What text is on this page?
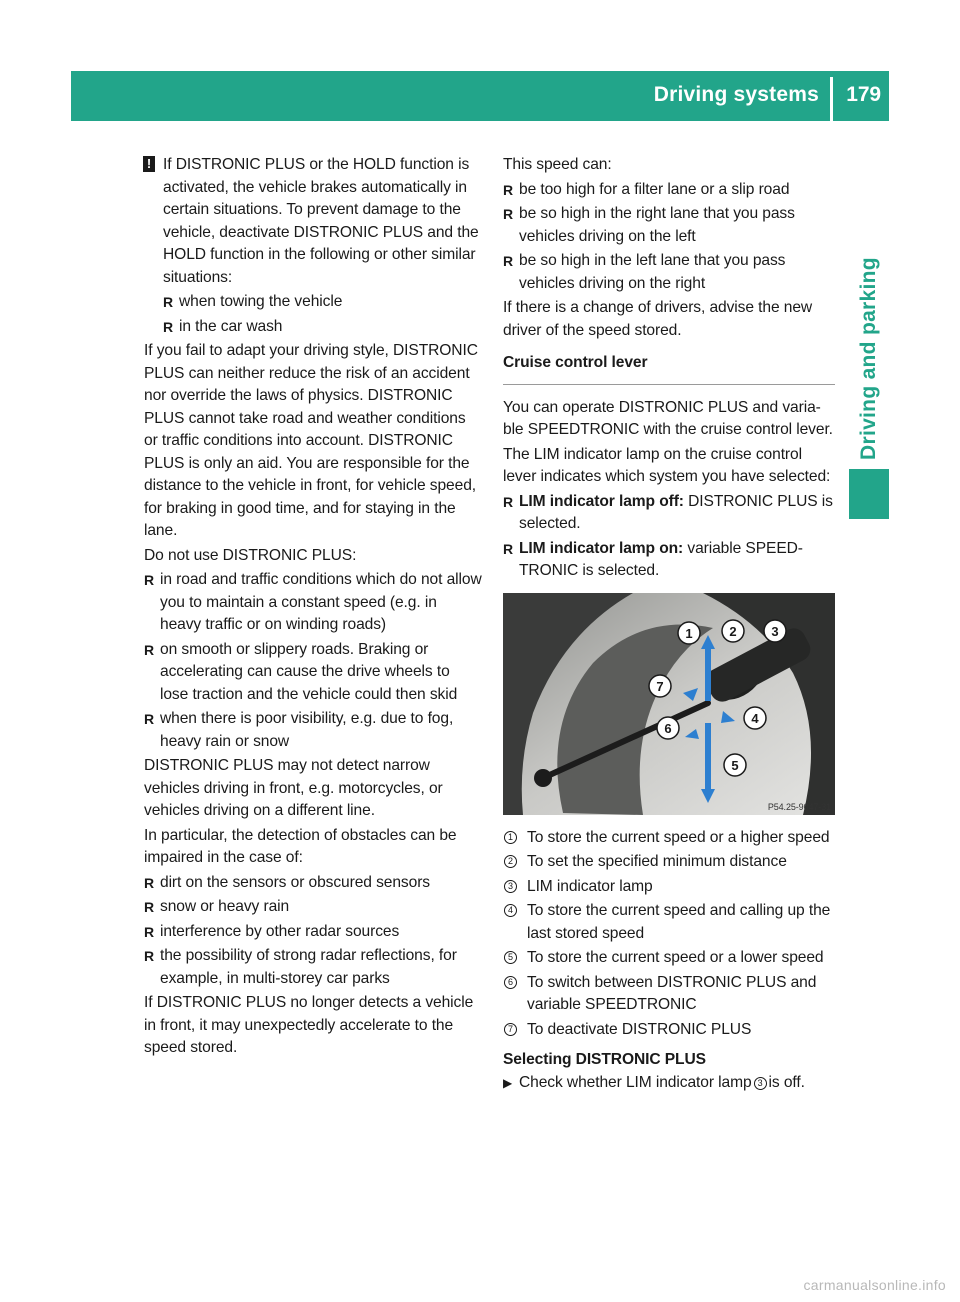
Driving systems 179
Driving and parking
! If DISTRONIC PLUS or the HOLD function is activated, the vehicle brakes automatically in certain situations. To prevent damage to the vehicle, deactivate DISTRONIC PLUS and the HOLD function in the following or other similar situations:

R when towing the vehicle
R in the car wash

If you fail to adapt your driving style, DISTRONIC PLUS can neither reduce the risk of an accident nor override the laws of physics. DISTRONIC PLUS cannot take road and weather conditions or traffic conditions into account. DISTRONIC PLUS is only an aid. You are responsible for the distance to the vehicle in front, for vehicle speed, for braking in good time, and for staying in the lane.

Do not use DISTRONIC PLUS:

R in road and traffic conditions which do not allow you to maintain a constant speed (e.g. in heavy traffic or on winding roads)
R on smooth or slippery roads. Braking or accelerating can cause the drive wheels to lose traction and the vehicle could then skid
R when there is poor visibility, e.g. due to fog, heavy rain or snow

DISTRONIC PLUS may not detect narrow vehicles driving in front, e.g. motorcycles, or vehicles driving on a different line.

In particular, the detection of obstacles can be impaired in the case of:

R dirt on the sensors or obscured sensors
R snow or heavy rain
R interference by other radar sources
R the possibility of strong radar reflections, for example, in multi-storey car parks

If DISTRONIC PLUS no longer detects a vehicle in front, it may unexpectedly accelerate to the speed stored.

This speed can:

R be too high for a filter lane or a slip road
R be so high in the right lane that you pass vehicles driving on the left
R be so high in the left lane that you pass vehicles driving on the right

If there is a change of drivers, advise the new driver of the speed stored.

Cruise control lever

You can operate DISTRONIC PLUS and variable SPEEDTRONIC with the cruise control lever.

The LIM indicator lamp on the cruise control lever indicates which system you have selected:

R LIM indicator lamp off: DISTRONIC PLUS is selected.
R LIM indicator lamp on: variable SPEEDTRONIC is selected.
1	2	3
4
5
6
7
P54.25-9047-31
1 To store the current speed or a higher speed
2 To set the specified minimum distance
3 LIM indicator lamp
4 To store the current speed and calling up the last stored speed
5 To store the current speed or a lower speed
6 To switch between DISTRONIC PLUS and variable SPEEDTRONIC
7 To deactivate DISTRONIC PLUS
Selecting DISTRONIC PLUS
▶ Check whether LIM indicator lamp 3 is off.
carmanualsonline.info
